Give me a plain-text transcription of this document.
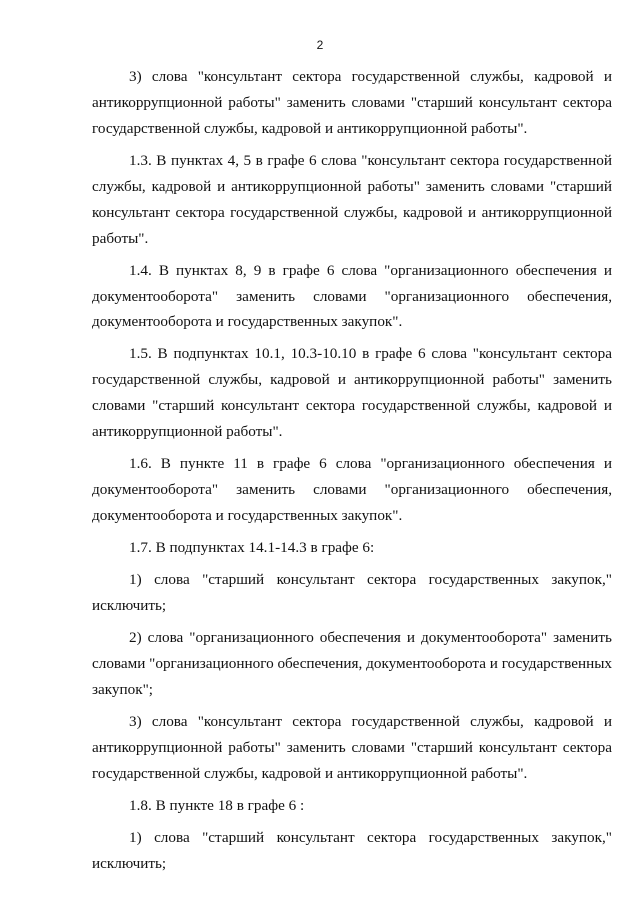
2
3) слова "консультант сектора государственной службы, кадровой и
антикоррупционной работы" заменить словами "старший консультант сектора
государственной службы, кадровой и антикоррупционной работы".
1.3. В пунктах 4, 5 в графе 6 слова "консультант сектора государственной
службы, кадровой и антикоррупционной работы" заменить словами "старший
консультант сектора государственной службы, кадровой и антикоррупционной
работы".
1.4. В пунктах 8, 9 в графе 6 слова "организационного обеспечения и
документооборота" заменить словами "организационного обеспечения,
документооборота и государственных закупок".
1.5. В подпунктах 10.1, 10.3-10.10 в графе 6 слова "консультант сектора
государственной службы, кадровой и антикоррупционной работы" заменить
словами "старший консультант сектора государственной службы, кадровой и
антикоррупционной работы".
1.6. В пункте 11 в графе 6 слова "организационного обеспечения и
документооборота" заменить словами "организационного обеспечения,
документооборота и государственных закупок".
1.7. В подпунктах 14.1-14.3 в графе 6:
1) слова "старший консультант сектора государственных закупок,"
исключить;
2) слова "организационного обеспечения и документооборота" заменить
словами "организационного обеспечения, документооборота и государственных
закупок";
3) слова "консультант сектора государственной службы, кадровой и
антикоррупционной работы" заменить словами "старший консультант сектора
государственной службы, кадровой и антикоррупционной работы".
1.8. В пункте 18 в графе 6 :
1) слова "старший консультант сектора государственных закупок,"
исключить;
